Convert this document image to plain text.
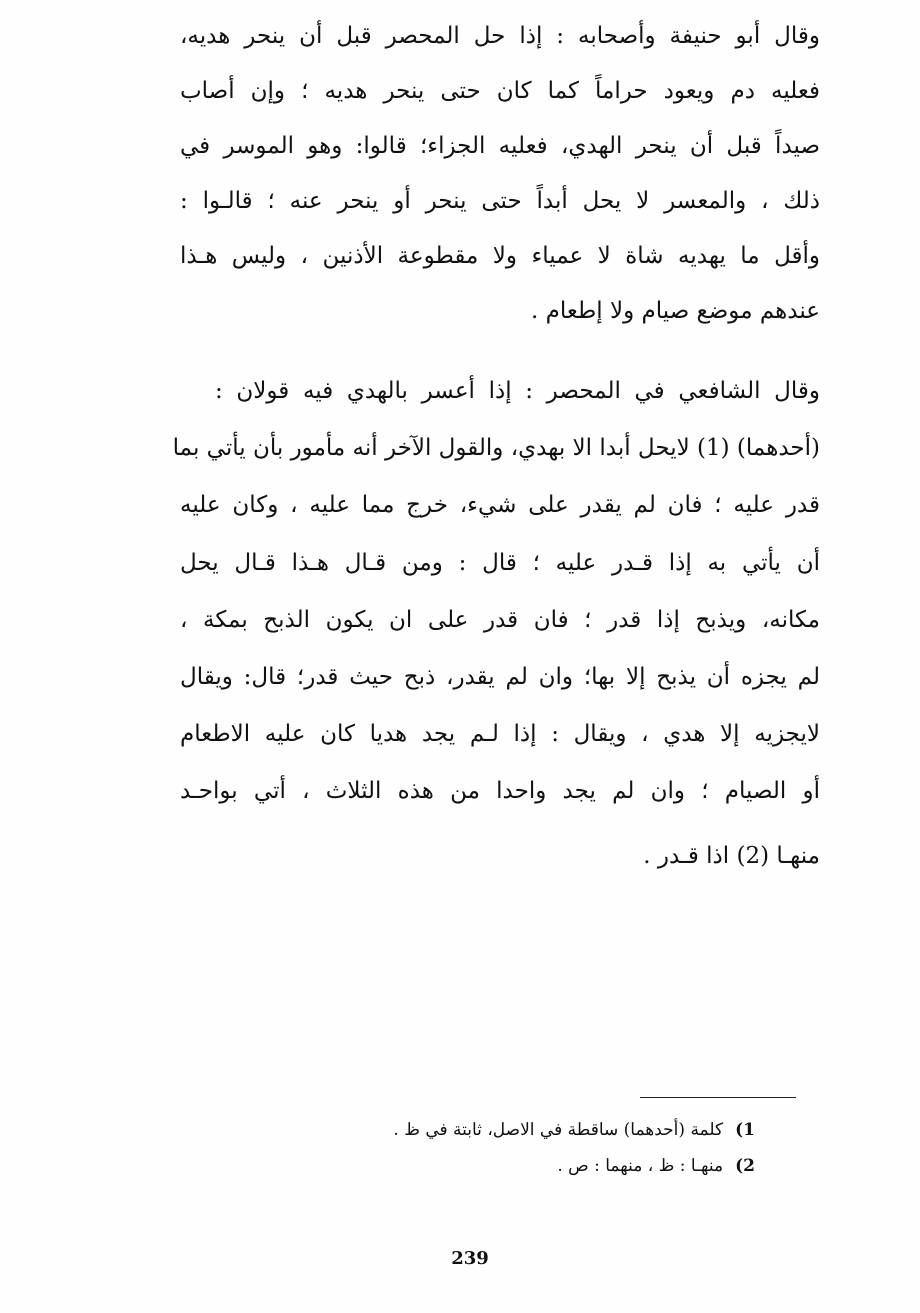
وقال أبو حنيفة وأصحابه : إذا حل المحصر قبل أن ينحر هديه،
فعليه دم ويعود حراماً كما كان حتى ينحر هديه ؛ وإن أصاب
صيداً قبل أن ينحر الهدي، فعليه الجزاء؛ قالوا: وهو الموسر في
ذلك ، والمعسر لا يحل أبداً حتى ينحر أو ينحر عنه ؛ قالـوا :
وأقل ما يهديه شاة لا عمياء ولا مقطوعة الأذنين ، وليس هـذا
عندهم موضع صيام ولا إطعام .
وقال الشافعي في المحصر : إذا أعسر بالهدي فيه قولان :
(أحدهما) (1) لايحل أبدا الا بهدي، والقول الآخر أنه مأمور بأن يأتي بما
قدر عليه ؛ فان لم يقدر على شيء، خرج مما عليه ، وكان عليه
أن يأتي به إذا قـدر عليه ؛ قال : ومن قـال هـذا قـال يحل
مكانه، ويذبح إذا قدر ؛ فان قدر على ان يكون الذبح بمكة ،
لم يجزه أن يذبح إلا بها؛ وان لم يقدر، ذبح حيث قدر؛ قال: ويقال
لايجزيه إلا هدي ، ويقال : إذا لـم يجد هديا كان عليه الاطعام
أو الصيام ؛ وان لم يجد واحدا من هذه الثلاث ، أتي بواحـد
منهـا (2) اذا قـدر .
1)كلمة (أحدهما) ساقطة في الاصل، ثابتة في ظ .
2)منهـا : ظ ، منهما : ص .
239
